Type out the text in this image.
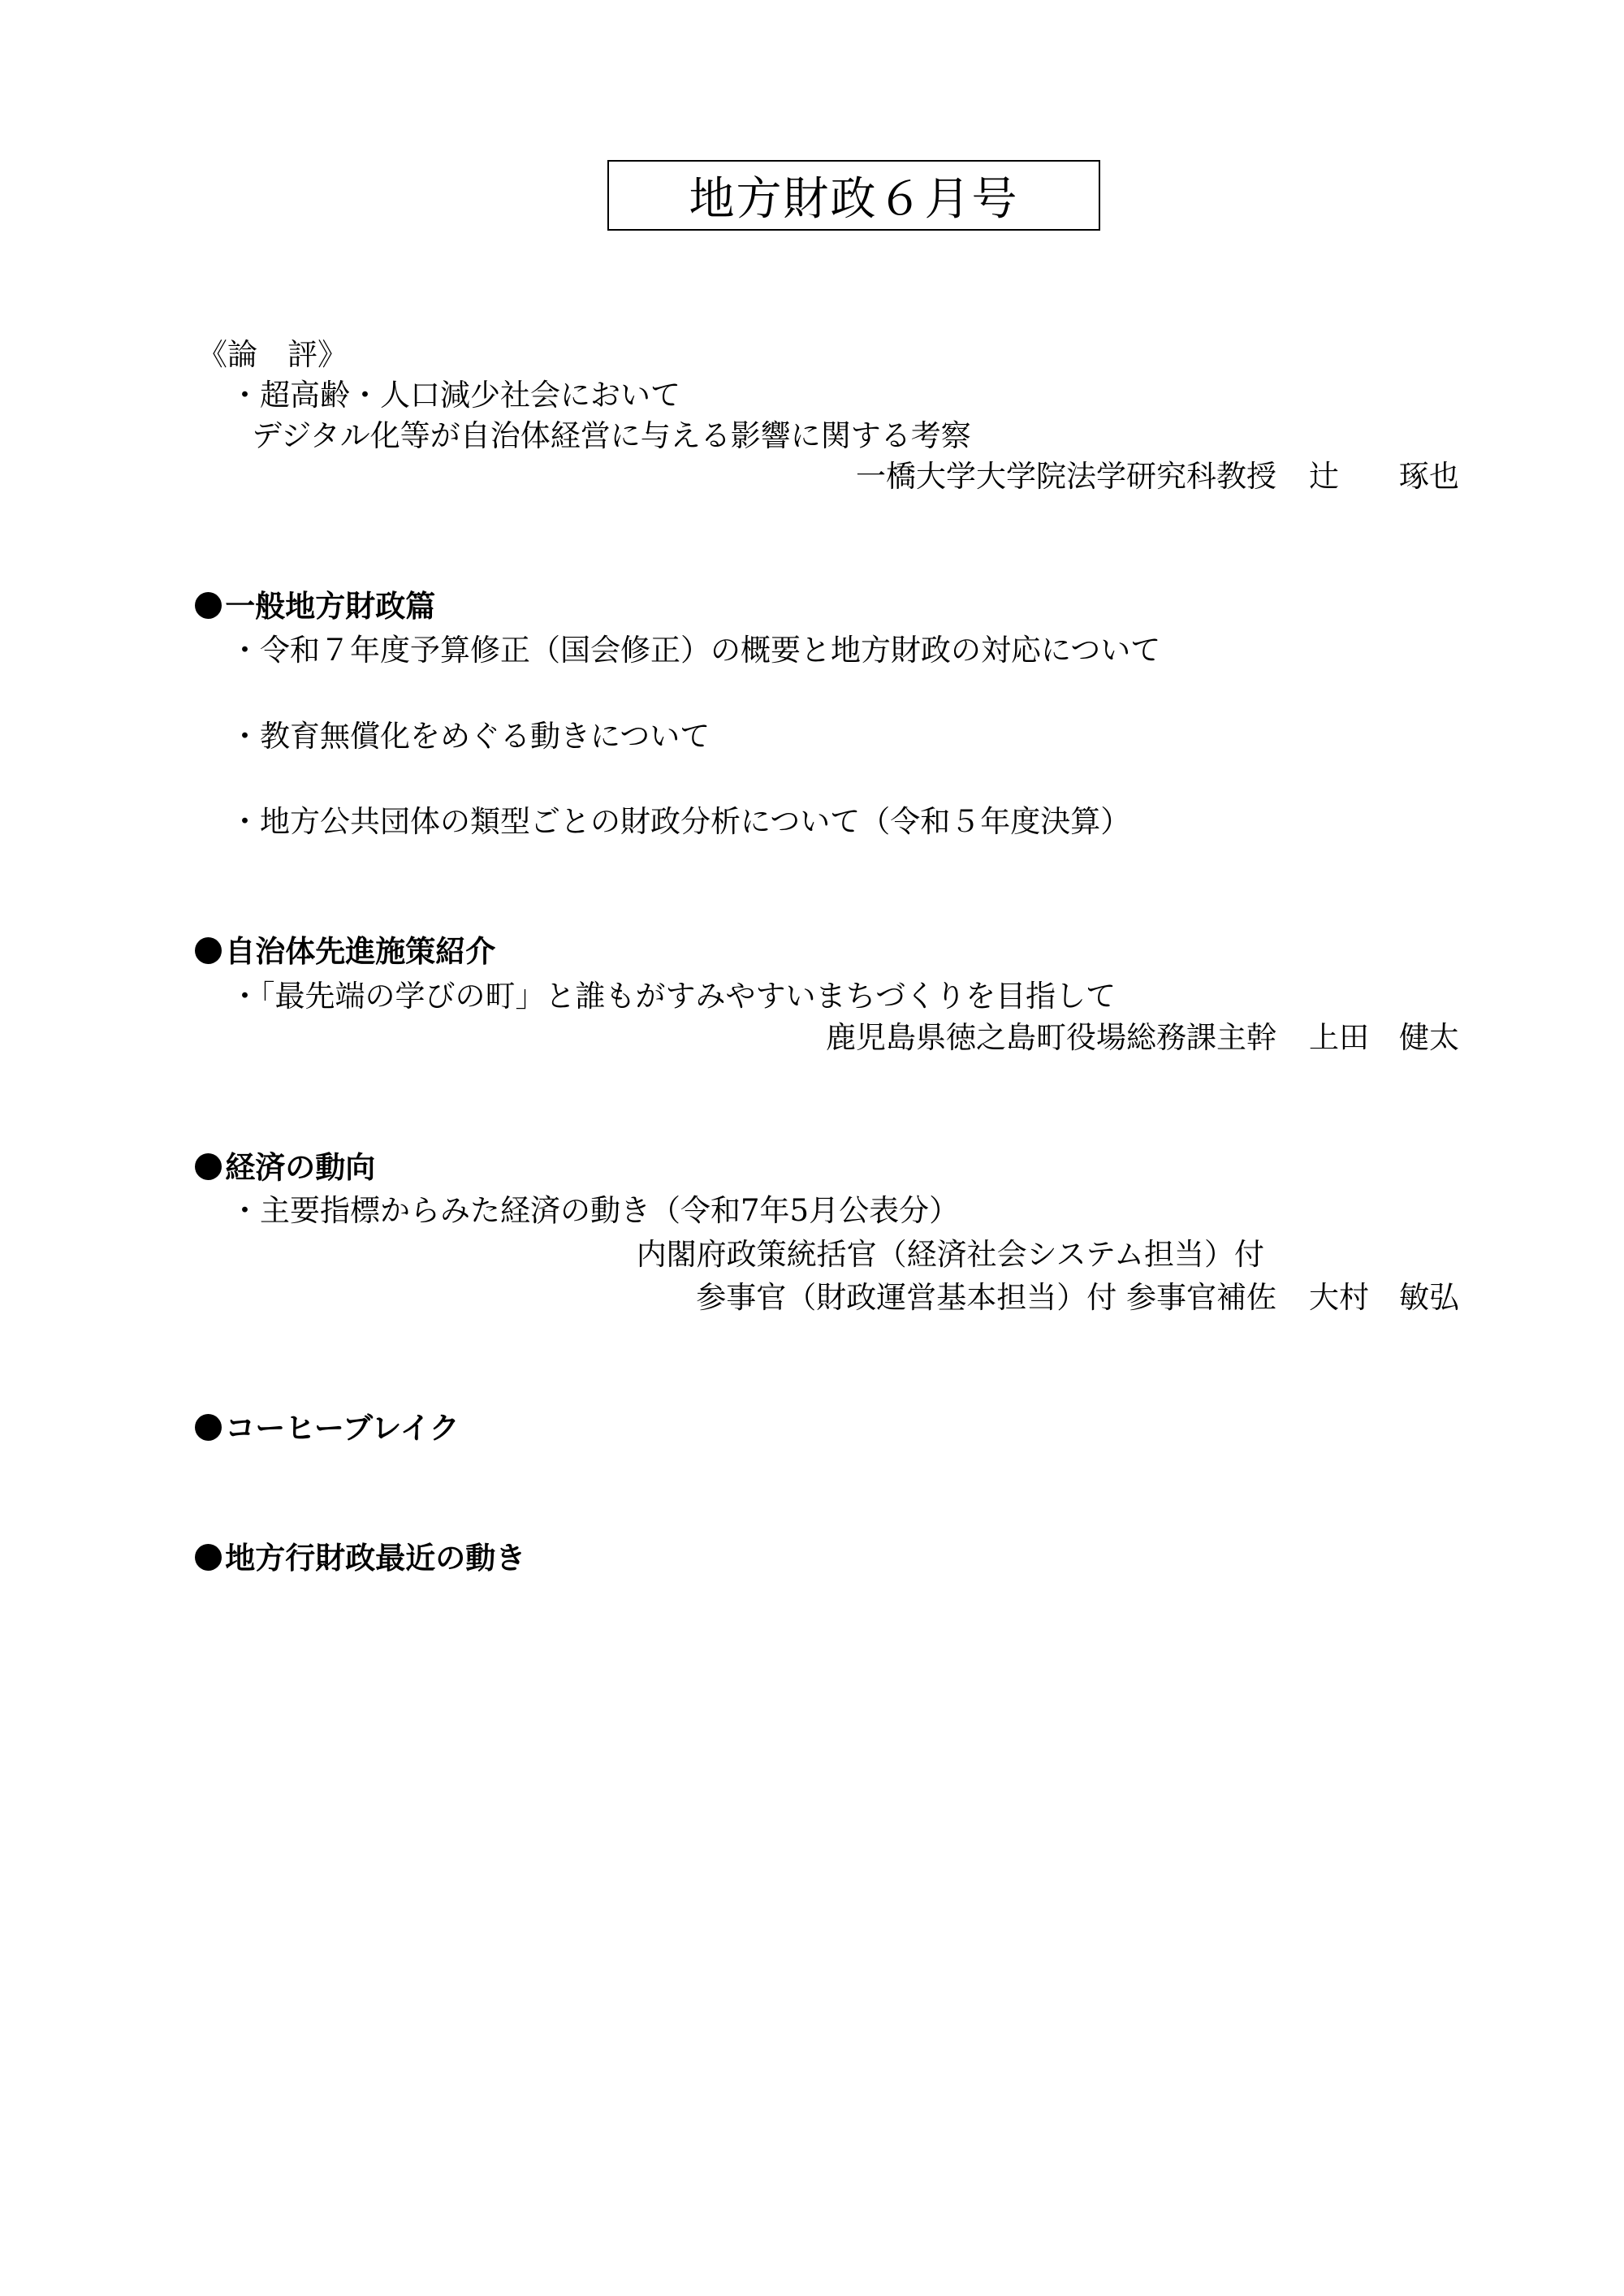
地方財政６月号
《論　評》
・超高齢・人口減少社会において
デジタル化等が自治体経営に与える影響に関する考察
一橋大学大学院法学研究科教授 辻　　琢也
一般地方財政篇
・令和７年度予算修正（国会修正）の概要と地方財政の対応について
・教育無償化をめぐる動きについて
・地方公共団体の類型ごとの財政分析について（令和５年度決算）
自治体先進施策紹介
・「最先端の学びの町」と誰もがすみやすいまちづくりを目指して
鹿児島県徳之島町役場総務課主幹 上田　健太
経済の動向
・主要指標からみた経済の動き（令和7年5月公表分）
内閣府政策統括官（経済社会システム担当）付
参事官（財政運営基本担当）付 参事官補佐 大村　敏弘
コーヒーブレイク
地方行財政最近の動き
